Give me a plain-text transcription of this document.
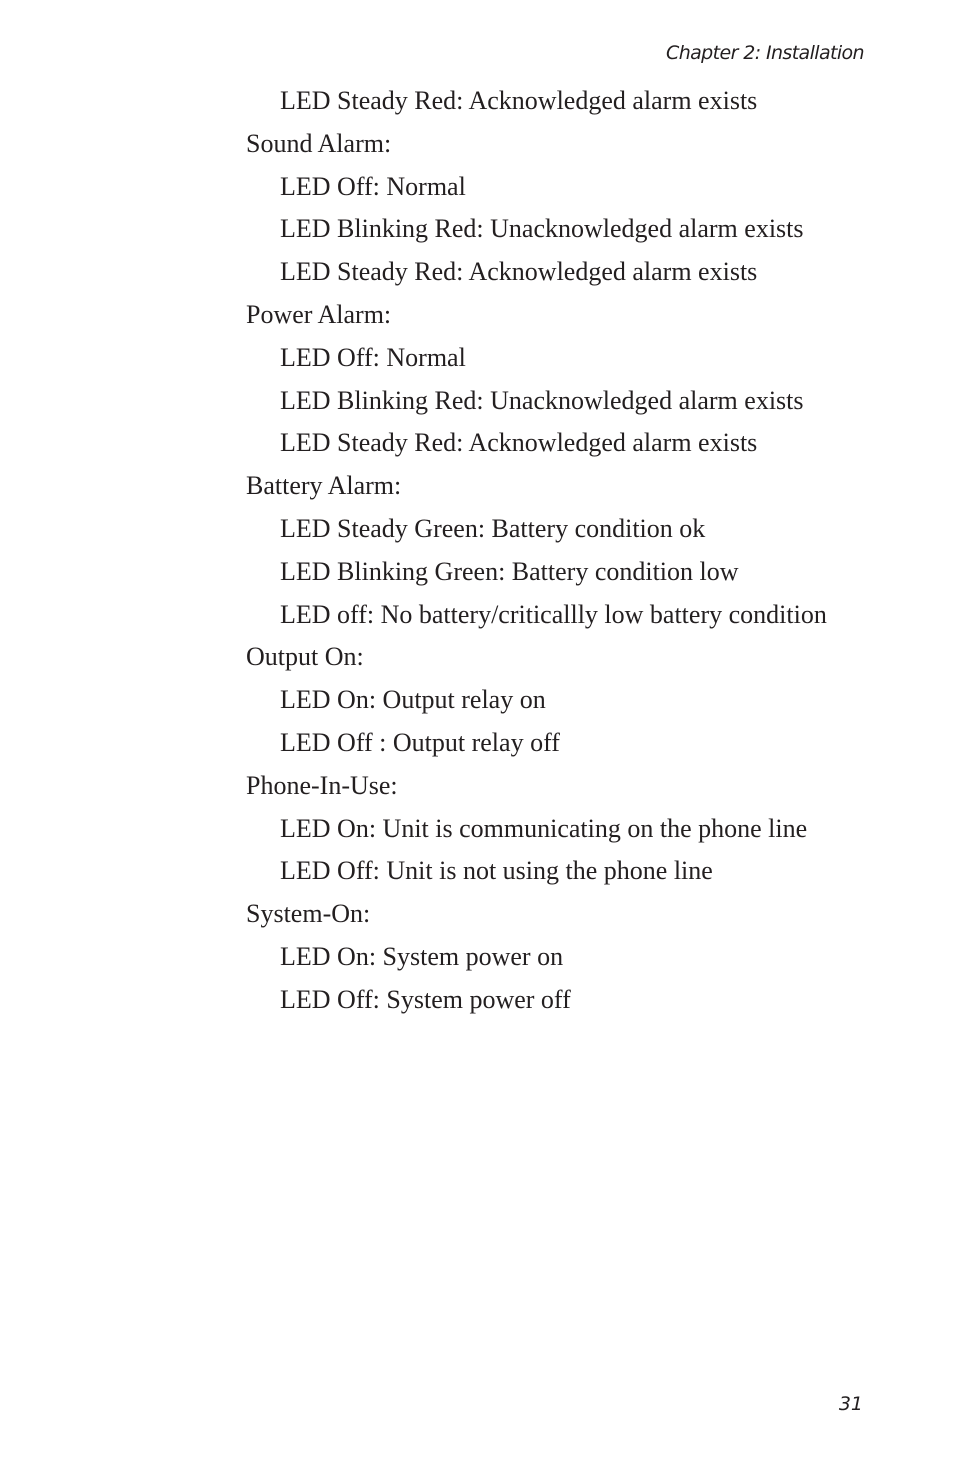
Chapter 2: Installation
LED Steady Red: Acknowledged alarm exists
Sound Alarm:
LED Off: Normal
LED Blinking Red: Unacknowledged alarm exists
LED Steady Red: Acknowledged alarm exists
Power Alarm:
LED Off: Normal
LED Blinking Red: Unacknowledged alarm exists
LED Steady Red: Acknowledged alarm exists
Battery Alarm:
LED Steady Green: Battery condition ok
LED Blinking Green: Battery condition low
LED off: No battery/criticallly low battery condition
Output On:
LED On: Output relay on
LED Off : Output relay off
Phone-In-Use:
LED On: Unit is communicating on the phone line
LED Off: Unit is not using the phone line
System-On:
LED On: System power on
LED Off: System power off
31
